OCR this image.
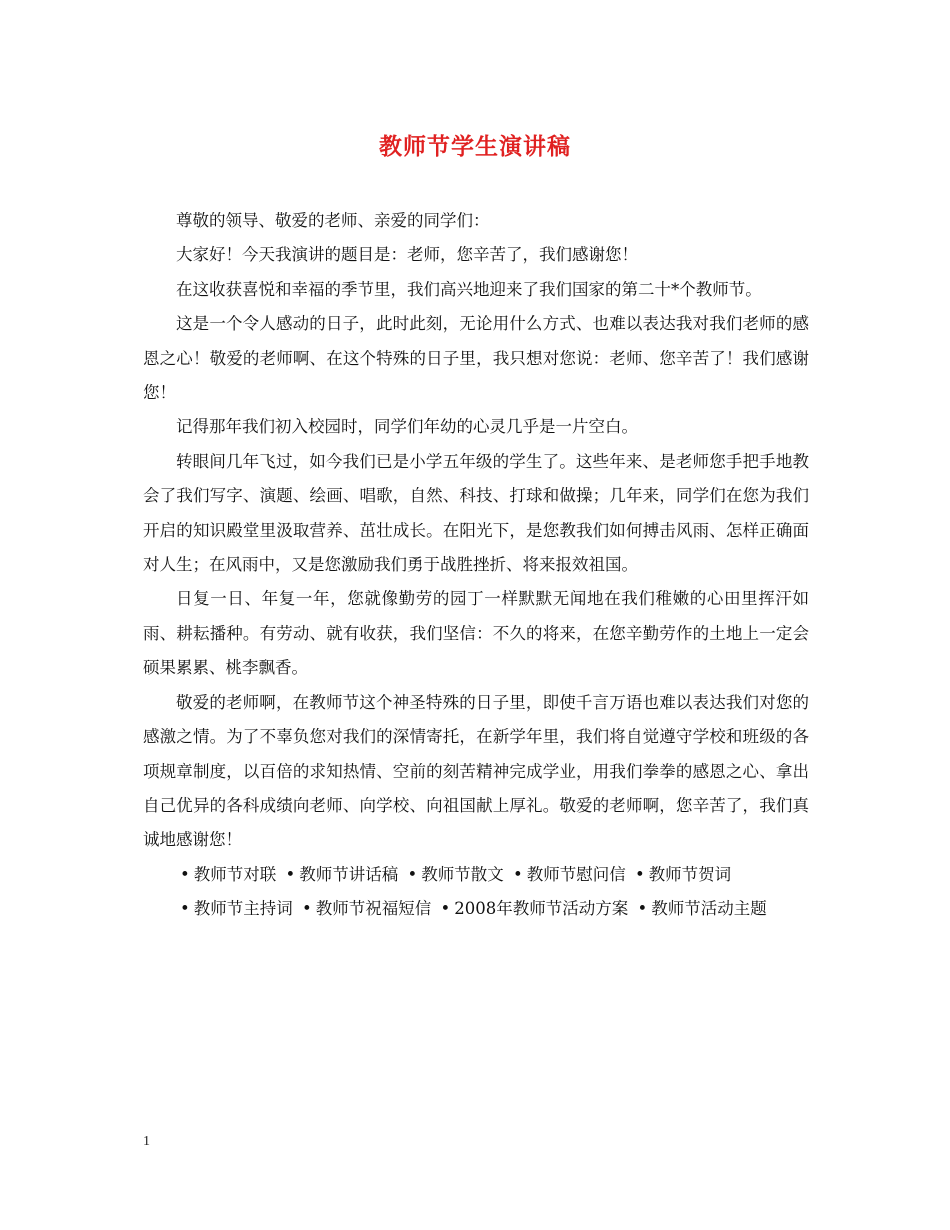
教师节学生演讲稿

尊敬的领导、敬爱的老师、亲爱的同学们：

大家好！今天我演讲的题目是：老师，您辛苦了，我们感谢您！

在这收获喜悦和幸福的季节里，我们高兴地迎来了我们国家的第二十*个教师节。

这是一个令人感动的日子，此时此刻，无论用什么方式、也难以表达我对我们老师的感恩之心！敬爱的老师啊、在这个特殊的日子里，我只想对您说：老师、您辛苦了！我们感谢您！

记得那年我们初入校园时，同学们年幼的心灵几乎是一片空白。

转眼间几年飞过，如今我们已是小学五年级的学生了。这些年来、是老师您手把手地教会了我们写字、演题、绘画、唱歌，自然、科技、打球和做操；几年来，同学们在您为我们开启的知识殿堂里汲取营养、茁壮成长。在阳光下，是您教我们如何搏击风雨、怎样正确面对人生；在风雨中，又是您激励我们勇于战胜挫折、将来报效祖国。

日复一日、年复一年，您就像勤劳的园丁一样默默无闻地在我们稚嫩的心田里挥汗如雨、耕耘播种。有劳动、就有收获，我们坚信：不久的将来，在您辛勤劳作的土地上一定会硕果累累、桃李飘香。

敬爱的老师啊，在教师节这个神圣特殊的日子里，即使千言万语也难以表达我们对您的感激之情。为了不辜负您对我们的深情寄托，在新学年里，我们将自觉遵守学校和班级的各项规章制度，以百倍的求知热情、空前的刻苦精神完成学业，用我们拳拳的感恩之心、拿出自己优异的各科成绩向老师、向学校、向祖国献上厚礼。敬爱的老师啊，您辛苦了，我们真诚地感谢您！

• 教师节对联 • 教师节讲话稿 • 教师节散文 • 教师节慰问信 • 教师节贺词

• 教师节主持词 • 教师节祝福短信 • 2008年教师节活动方案 • 教师节活动主题

1
